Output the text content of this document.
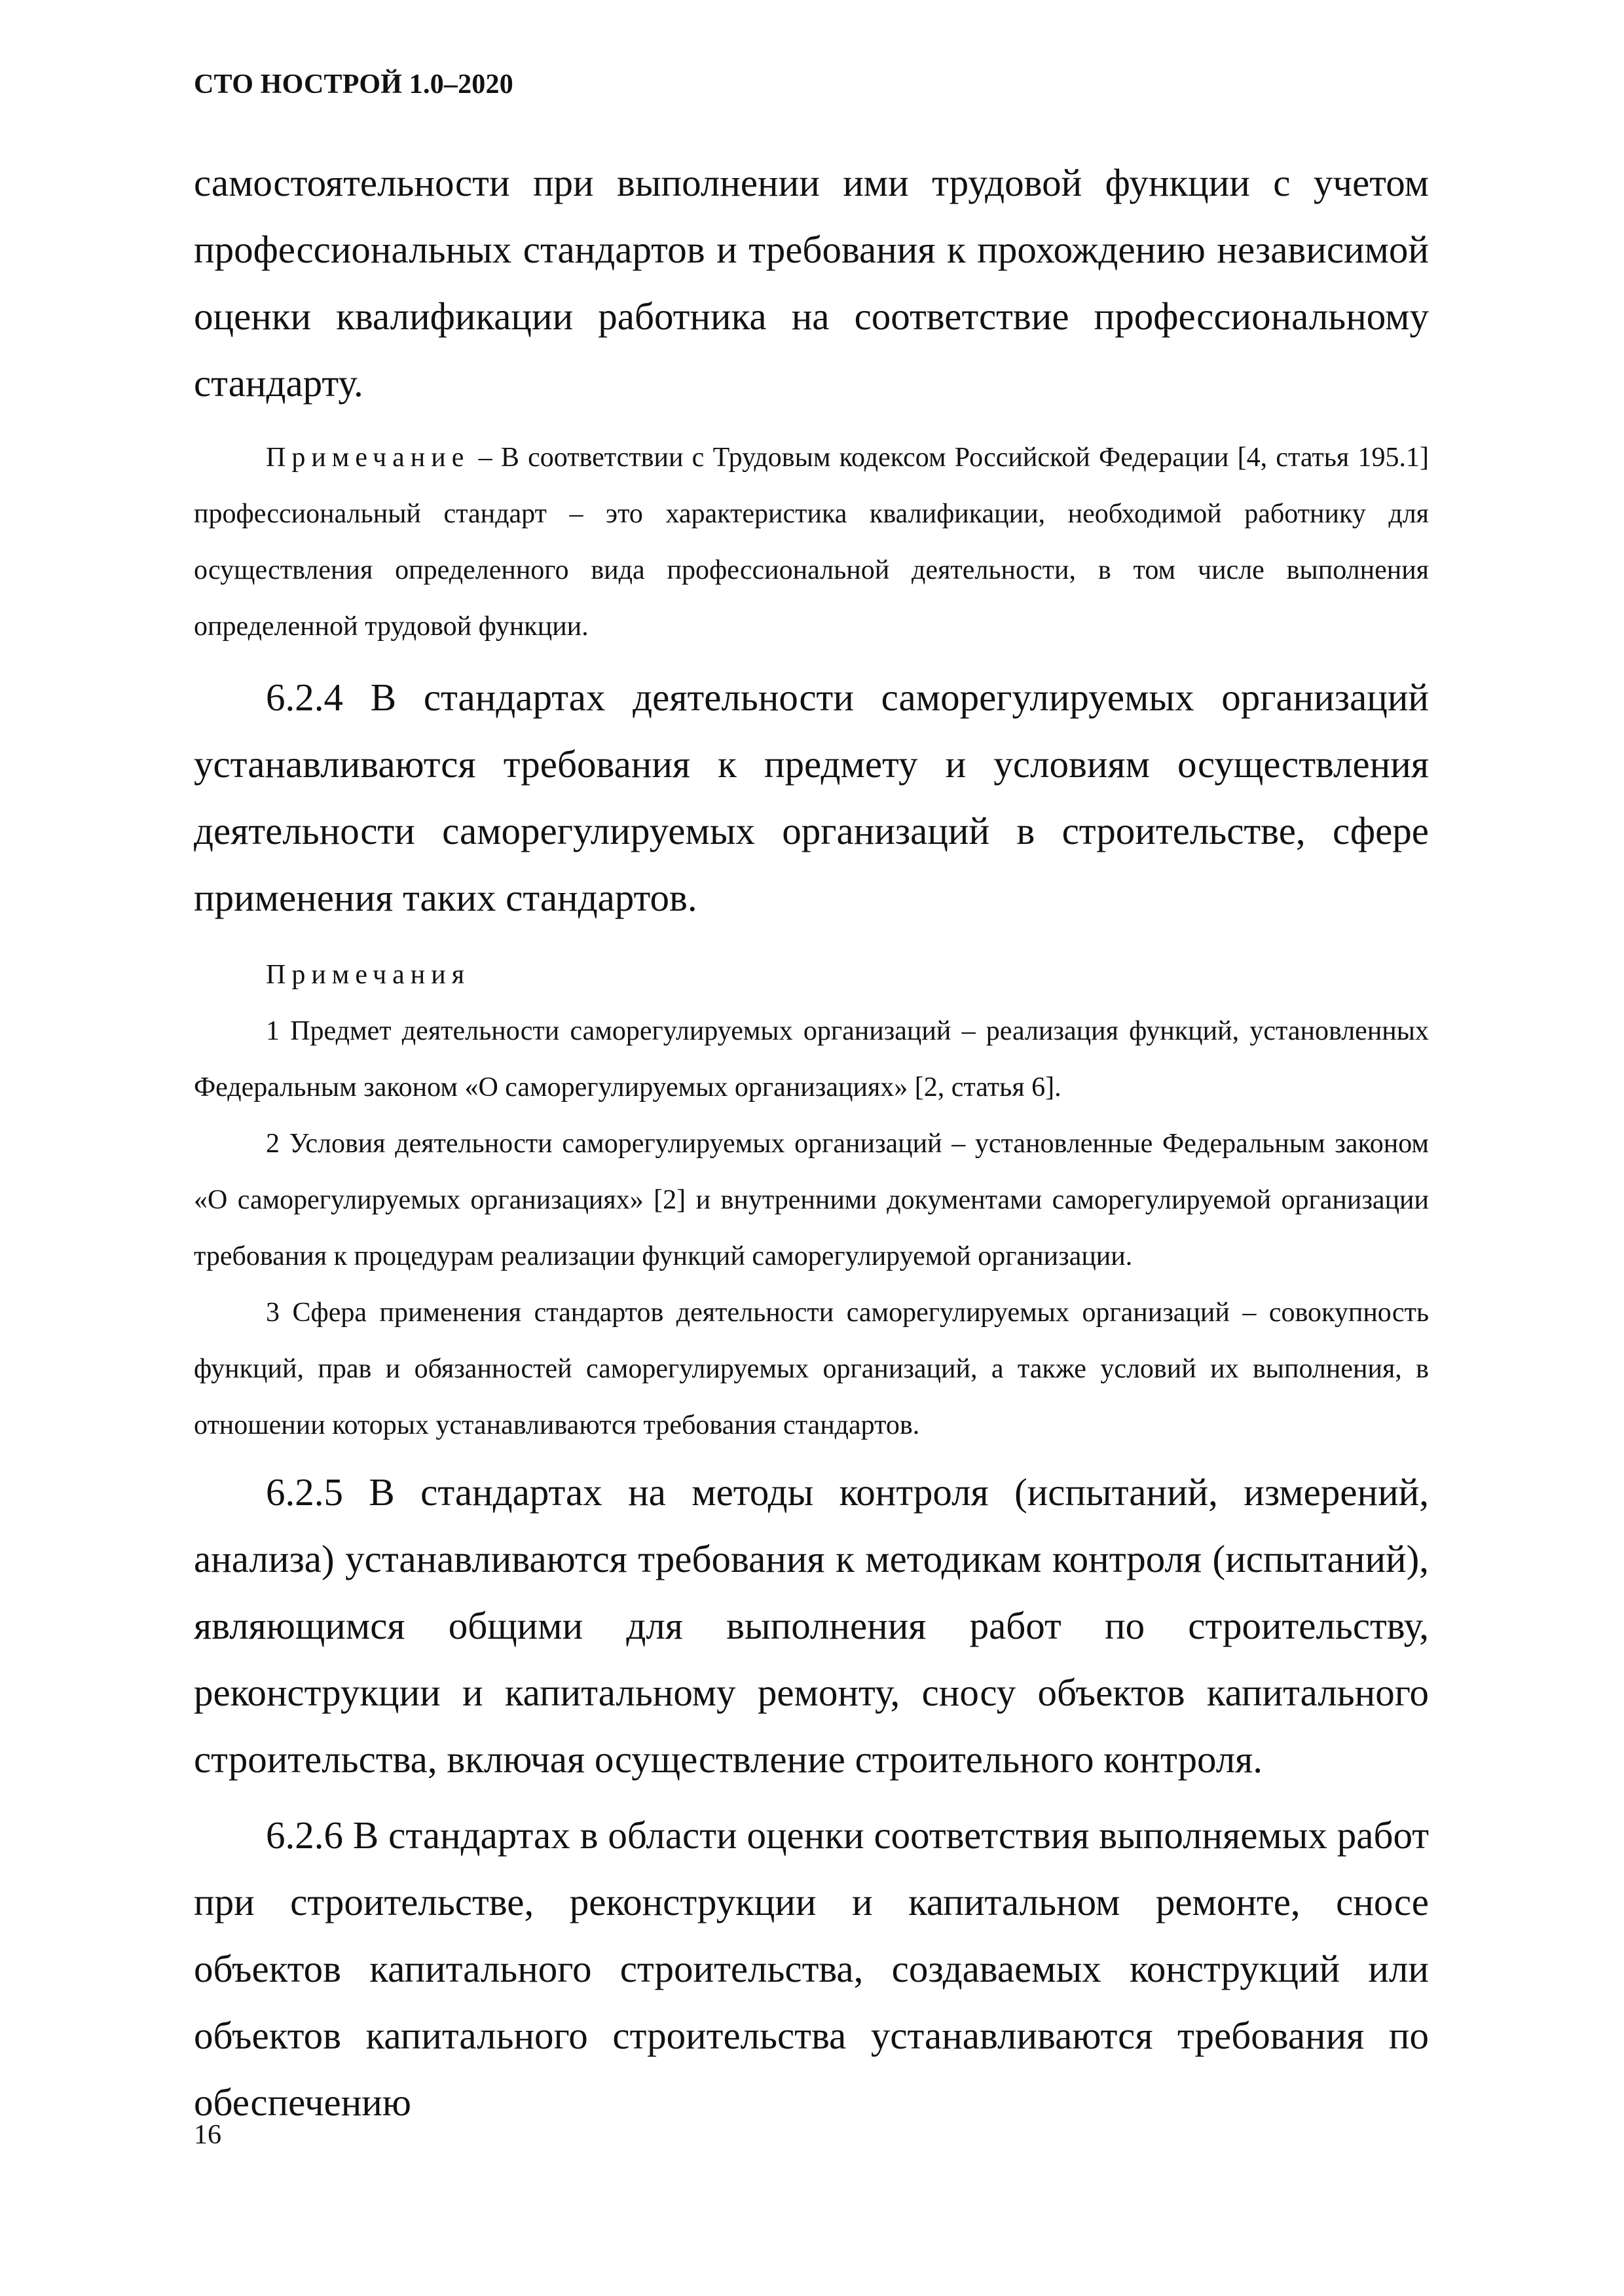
СТО НОСТРОЙ 1.0–2020

самостоятельности при выполнении ими трудовой функции с учетом профессиональных стандартов и требования к прохождению независимой оценки квалификации работника на соответствие профессиональному стандарту.

Примечание – В соответствии с Трудовым кодексом Российской Федерации [4, статья 195.1] профессиональный стандарт – это характеристика квалификации, необходимой работнику для осуществления определенного вида профессиональной деятельности, в том числе выполнения определенной трудовой функции.

6.2.4 В стандартах деятельности саморегулируемых организаций устанавливаются требования к предмету и условиям осуществления деятельности саморегулируемых организаций в строительстве, сфере применения таких стандартов.

Примечания

1 Предмет деятельности саморегулируемых организаций – реализация функций, установленных Федеральным законом «О саморегулируемых организациях» [2, статья 6].

2 Условия деятельности саморегулируемых организаций – установленные Федеральным законом «О саморегулируемых организациях» [2] и внутренними документами саморегулируемой организации требования к процедурам реализации функций саморегулируемой организации.

3 Сфера применения стандартов деятельности саморегулируемых организаций – совокупность функций, прав и обязанностей саморегулируемых организаций, а также условий их выполнения, в отношении которых устанавливаются требования стандартов.

6.2.5 В стандартах на методы контроля (испытаний, измерений, анализа) устанавливаются требования к методикам контроля (испытаний), являющимся общими для выполнения работ по строительству, реконструкции и капитальному ремонту, сносу объектов капитального строительства, включая осуществление строительного контроля.

6.2.6 В стандартах в области оценки соответствия выполняемых работ при строительстве, реконструкции и капитальном ремонте, сносе объектов капитального строительства, создаваемых конструкций или объектов капитального строительства устанавливаются требования по обеспечению

16
